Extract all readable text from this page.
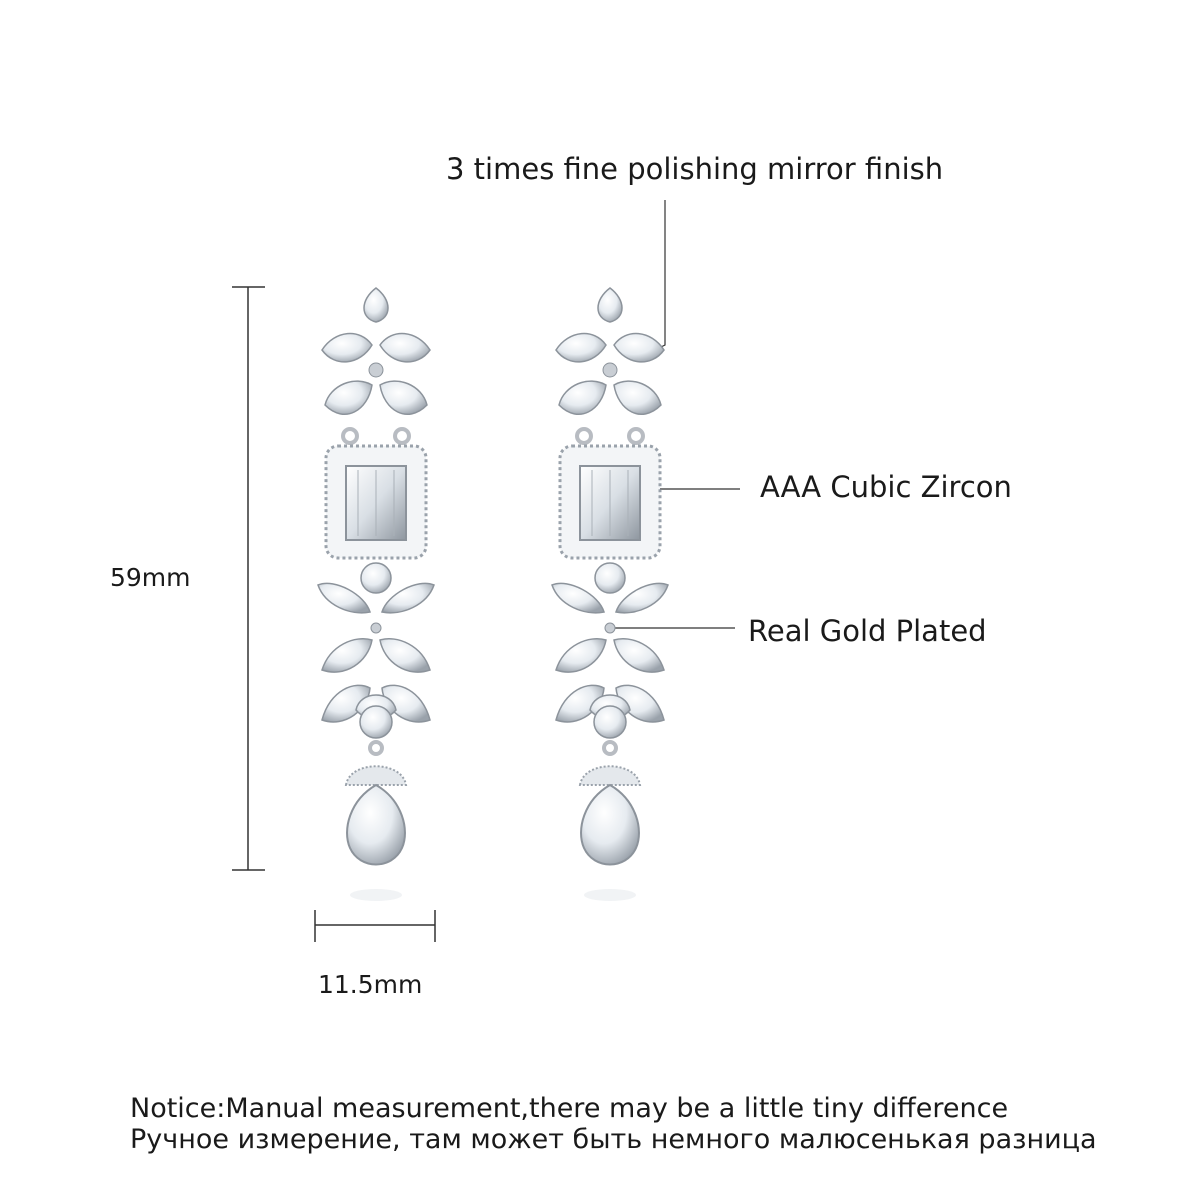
3 times fine polishing mirror finish
AAA Cubic Zircon
Real Gold Plated
59mm
11.5mm
Notice:Manual measurement,there may be a little tiny difference
Ручное измерение, там может быть немного малюсенькая разница
